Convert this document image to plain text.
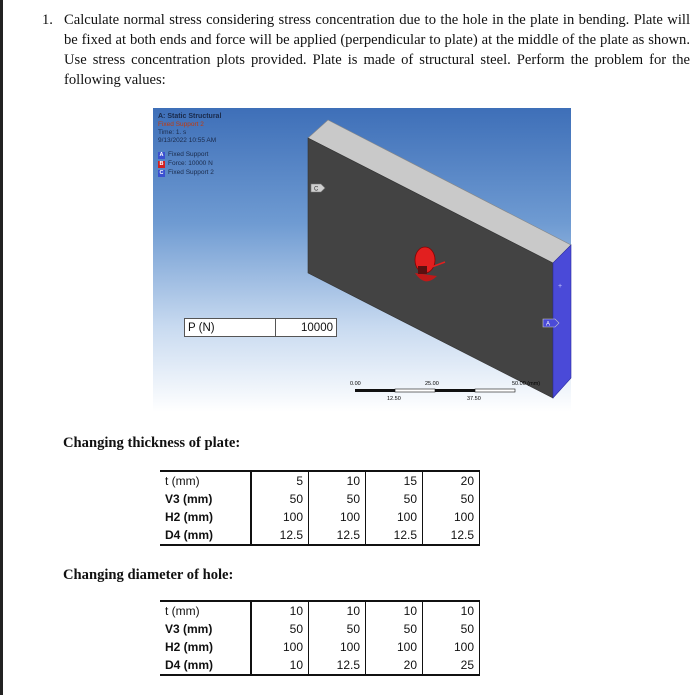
1. Calculate normal stress considering stress concentration due to the hole in the plate in bending. Plate will be fixed at both ends and force will be applied (perpendicular to plate) at the middle of the plate as shown. Use stress concentration plots provided. Plate is made of structural steel. Perform the problem for the following values:
C
A
+
A: Static Structural
Fixed Support 2
Time: 1. s
9/13/2022 10:55 AM
A Fixed Support
B Force: 10000 N
C Fixed Support 2
P (N)	10000
0.00	25.00	50.00 (mm)
12.50	37.50
Changing thickness of plate:
t (mm)	5	10	15	20
V3 (mm)	50	50	50	50
H2 (mm)	100	100	100	100
D4 (mm)	12.5	12.5	12.5	12.5
Changing diameter of hole:
t (mm)	10	10	10	10
V3 (mm)	50	50	50	50
H2 (mm)	100	100	100	100
D4 (mm)	10	12.5	20	25
